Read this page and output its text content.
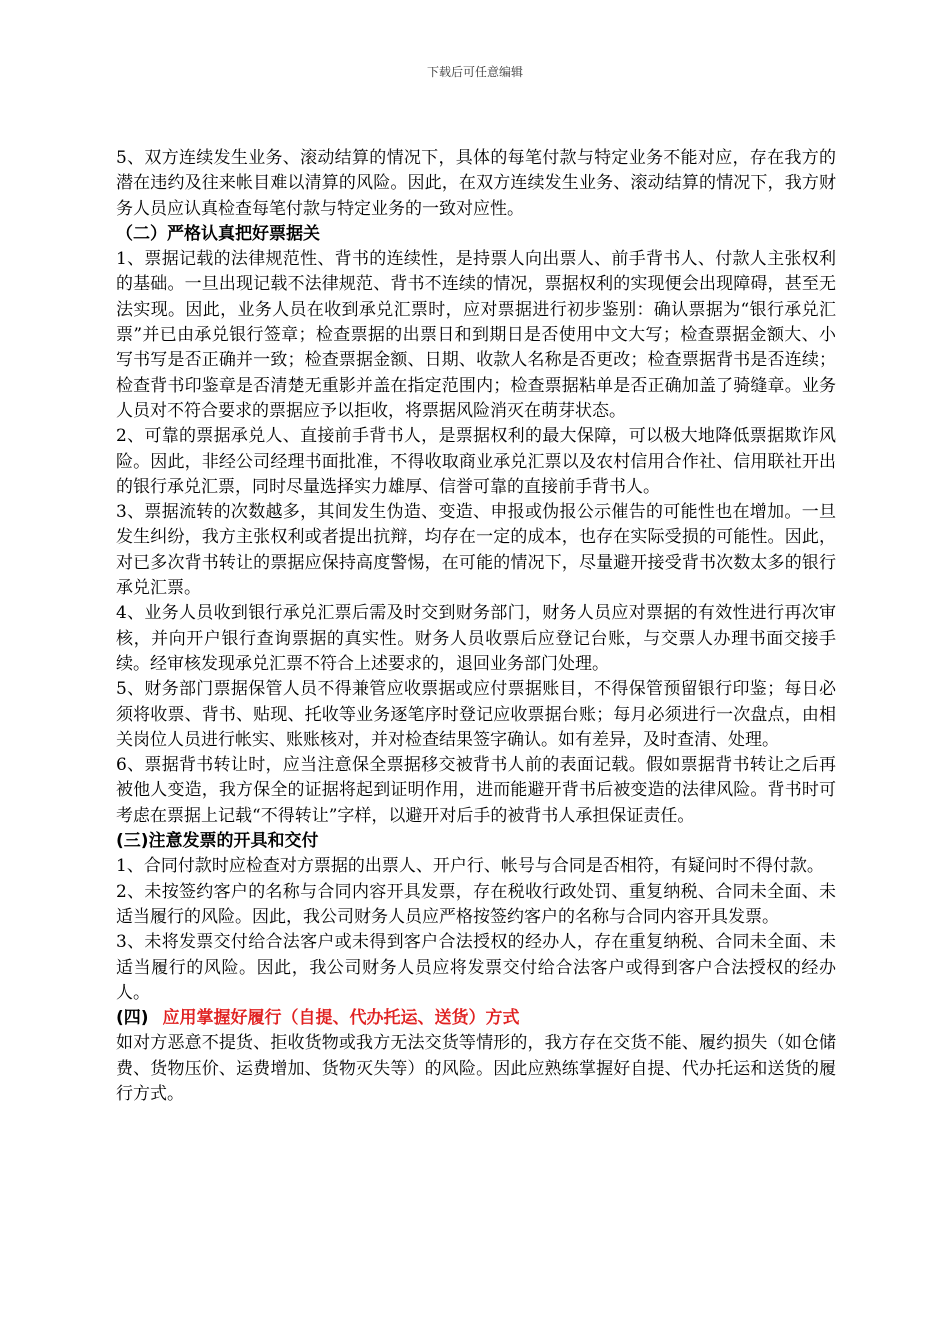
下载后可任意编辑

5、双方连续发生业务、滚动结算的情况下，具体的每笔付款与特定业务不能对应，存在我方的潜在违约及往来帐目难以清算的风险。因此，在双方连续发生业务、滚动结算的情况下，我方财务人员应认真检查每笔付款与特定业务的一致对应性。

（二）严格认真把好票据关

1、票据记载的法律规范性、背书的连续性，是持票人向出票人、前手背书人、付款人主张权利的基础。一旦出现记载不法律规范、背书不连续的情况，票据权利的实现便会出现障碍，甚至无法实现。因此，业务人员在收到承兑汇票时，应对票据进行初步鉴别：确认票据为“银行承兑汇票”并已由承兑银行签章；检查票据的出票日和到期日是否使用中文大写；检查票据金额大、小写书写是否正确并一致；检查票据金额、日期、收款人名称是否更改；检查票据背书是否连续；检查背书印鉴章是否清楚无重影并盖在指定范围内；检查票据粘单是否正确加盖了骑缝章。业务人员对不符合要求的票据应予以拒收，将票据风险消灭在萌芽状态。

2、可靠的票据承兑人、直接前手背书人，是票据权利的最大保障，可以极大地降低票据欺诈风险。因此，非经公司经理书面批准，不得收取商业承兑汇票以及农村信用合作社、信用联社开出的银行承兑汇票，同时尽量选择实力雄厚、信誉可靠的直接前手背书人。

3、票据流转的次数越多，其间发生伪造、变造、申报或伪报公示催告的可能性也在增加。一旦发生纠纷，我方主张权利或者提出抗辩，均存在一定的成本，也存在实际受损的可能性。因此，对已多次背书转让的票据应保持高度警惕，在可能的情况下，尽量避开接受背书次数太多的银行承兑汇票。

4、业务人员收到银行承兑汇票后需及时交到财务部门，财务人员应对票据的有效性进行再次审核，并向开户银行查询票据的真实性。财务人员收票后应登记台账，与交票人办理书面交接手续。经审核发现承兑汇票不符合上述要求的，退回业务部门处理。

5、财务部门票据保管人员不得兼管应收票据或应付票据账目，不得保管预留银行印鉴；每日必须将收票、背书、贴现、托收等业务逐笔序时登记应收票据台账；每月必须进行一次盘点，由相关岗位人员进行帐实、账账核对，并对检查结果签字确认。如有差异，及时查清、处理。

6、票据背书转让时，应当注意保全票据移交被背书人前的表面记载。假如票据背书转让之后再被他人变造，我方保全的证据将起到证明作用，进而能避开背书后被变造的法律风险。背书时可考虑在票据上记载“不得转让”字样，以避开对后手的被背书人承担保证责任。

(三)注意发票的开具和交付

1、合同付款时应检查对方票据的出票人、开户行、帐号与合同是否相符，有疑问时不得付款。

2、未按签约客户的名称与合同内容开具发票，存在税收行政处罚、重复纳税、合同未全面、未适当履行的风险。因此，我公司财务人员应严格按签约客户的名称与合同内容开具发票。

3、未将发票交付给合法客户或未得到客户合法授权的经办人，存在重复纳税、合同未全面、未适当履行的风险。因此，我公司财务人员应将发票交付给合法客户或得到客户合法授权的经办人。

(四) 应用掌握好履行（自提、代办托运、送货）方式

如对方恶意不提货、拒收货物或我方无法交货等情形的，我方存在交货不能、履约损失（如仓储费、货物压价、运费增加、货物灭失等）的风险。因此应熟练掌握好自提、代办托运和送货的履行方式。
